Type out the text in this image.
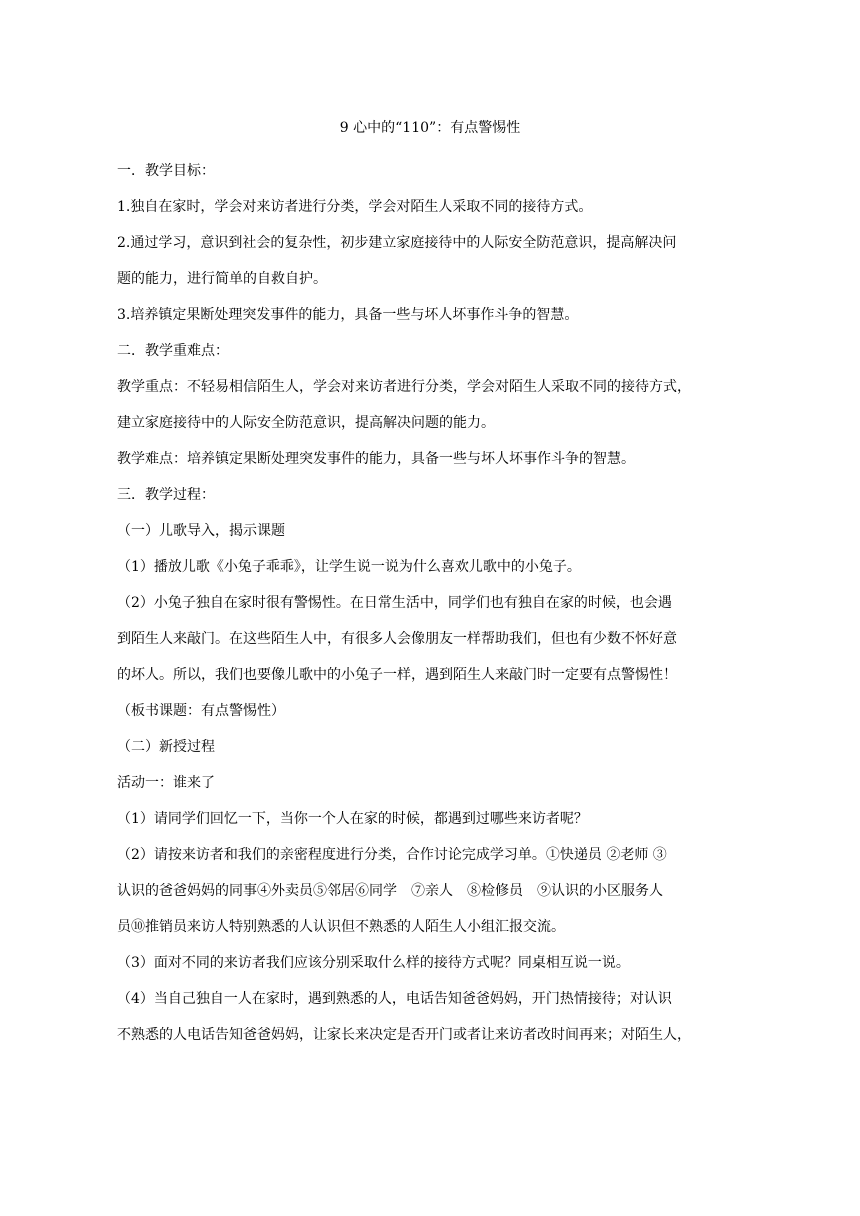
9 心中的“110”：有点警惕性

一．教学目标：

1.独自在家时，学会对来访者进行分类，学会对陌生人采取不同的接待方式。

2.通过学习，意识到社会的复杂性，初步建立家庭接待中的人际安全防范意识，提高解决问

题的能力，进行简单的自救自护。

3.培养镇定果断处理突发事件的能力，具备一些与坏人坏事作斗争的智慧。

二．教学重难点：

教学重点：不轻易相信陌生人，学会对来访者进行分类，学会对陌生人采取不同的接待方式，

建立家庭接待中的人际安全防范意识，提高解决问题的能力。

教学难点：培养镇定果断处理突发事件的能力，具备一些与坏人坏事作斗争的智慧。

三．教学过程：

（一）儿歌导入，揭示课题

（1）播放儿歌《小兔子乖乖》，让学生说一说为什么喜欢儿歌中的小兔子。

（2）小兔子独自在家时很有警惕性。在日常生活中，同学们也有独自在家的时候，也会遇

到陌生人来敲门。在这些陌生人中，有很多人会像朋友一样帮助我们，但也有少数不怀好意

的坏人。所以，我们也要像儿歌中的小兔子一样，遇到陌生人来敲门时一定要有点警惕性！

（板书课题：有点警惕性）

（二）新授过程

活动一：谁来了

（1）请同学们回忆一下，当你一个人在家的时候，都遇到过哪些来访者呢？

（2）请按来访者和我们的亲密程度进行分类，合作讨论完成学习单。①快递员 ②老师 ③

认识的爸爸妈妈的同事④外卖员⑤邻居⑥同学　⑦亲人　⑧检修员　⑨认识的小区服务人

员⑩推销员来访人特别熟悉的人认识但不熟悉的人陌生人小组汇报交流。

（3）面对不同的来访者我们应该分别采取什么样的接待方式呢？同桌相互说一说。

（4）当自己独自一人在家时，遇到熟悉的人，电话告知爸爸妈妈，开门热情接待；对认识

不熟悉的人电话告知爸爸妈妈，让家长来决定是否开门或者让来访者改时间再来；对陌生人，
